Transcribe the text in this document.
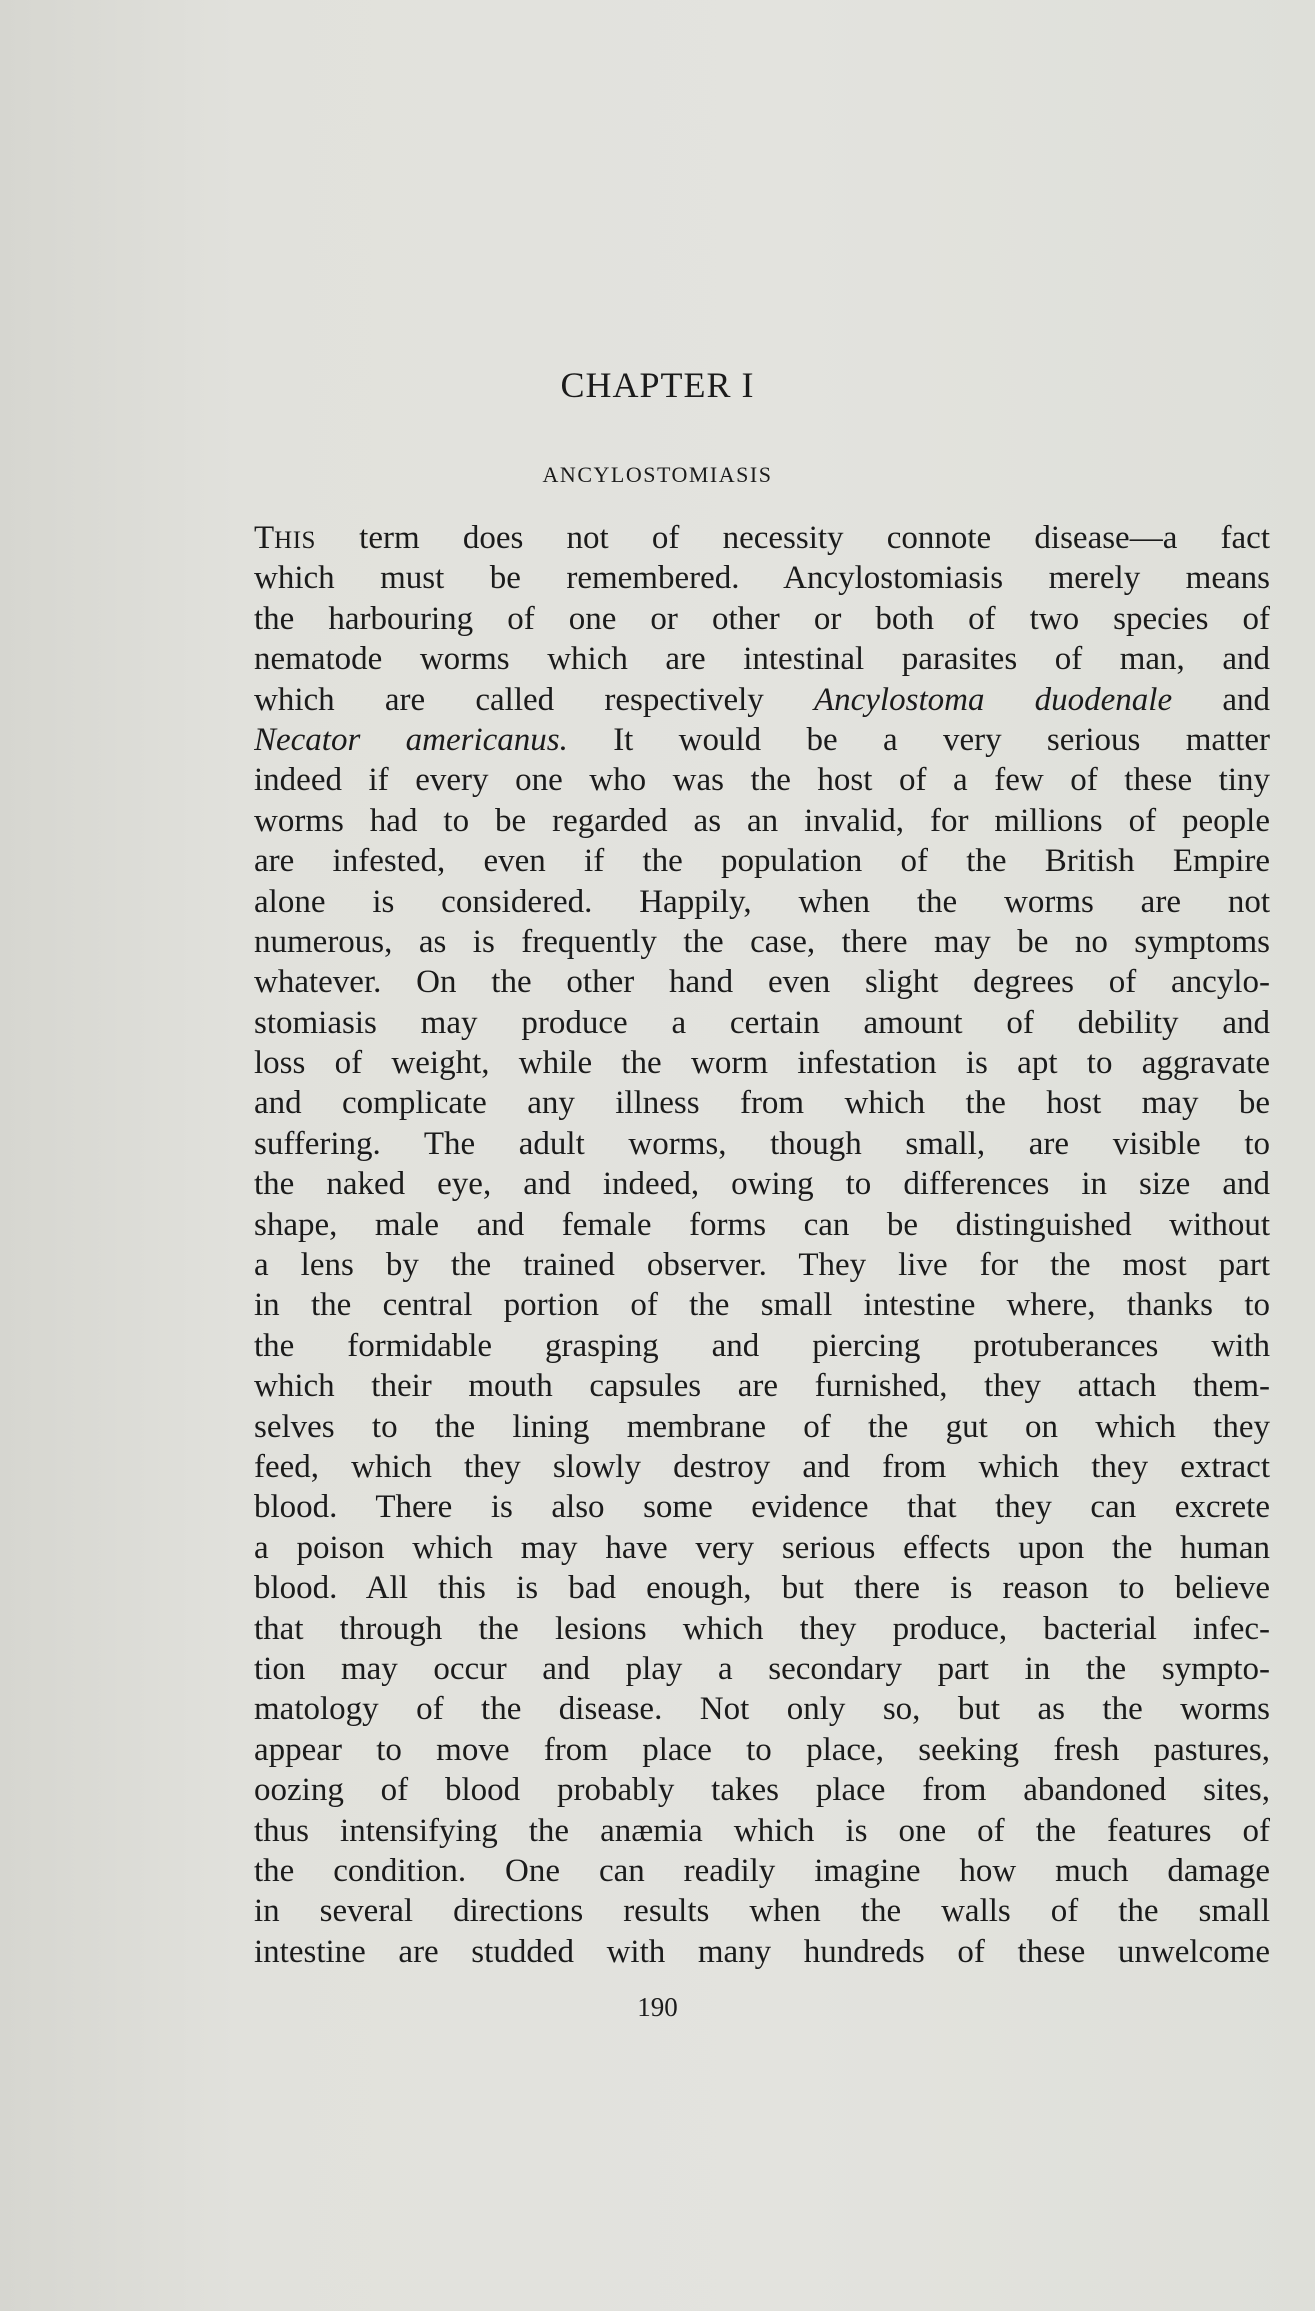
CHAPTER I
ANCYLOSTOMIASIS
THIS term does not of necessity connote disease—a fact
which must be remembered. Ancylostomiasis merely means
the harbouring of one or other or both of two species of
nematode worms which are intestinal parasites of man, and
which are called respectively Ancylostoma duodenale and
Necator americanus. It would be a very serious matter
indeed if every one who was the host of a few of these tiny
worms had to be regarded as an invalid, for millions of people
are infested, even if the population of the British Empire
alone is considered. Happily, when the worms are not
numerous, as is frequently the case, there may be no symptoms
whatever. On the other hand even slight degrees of ancylo-
stomiasis may produce a certain amount of debility and
loss of weight, while the worm infestation is apt to aggravate
and complicate any illness from which the host may be
suffering. The adult worms, though small, are visible to
the naked eye, and indeed, owing to differences in size and
shape, male and female forms can be distinguished without
a lens by the trained observer. They live for the most part
in the central portion of the small intestine where, thanks to
the formidable grasping and piercing protuberances with
which their mouth capsules are furnished, they attach them-
selves to the lining membrane of the gut on which they
feed, which they slowly destroy and from which they extract
blood. There is also some evidence that they can excrete
a poison which may have very serious effects upon the human
blood. All this is bad enough, but there is reason to believe
that through the lesions which they produce, bacterial infec-
tion may occur and play a secondary part in the sympto-
matology of the disease. Not only so, but as the worms
appear to move from place to place, seeking fresh pastures,
oozing of blood probably takes place from abandoned sites,
thus intensifying the anæmia which is one of the features of
the condition. One can readily imagine how much damage
in several directions results when the walls of the small
intestine are studded with many hundreds of these unwelcome
190
